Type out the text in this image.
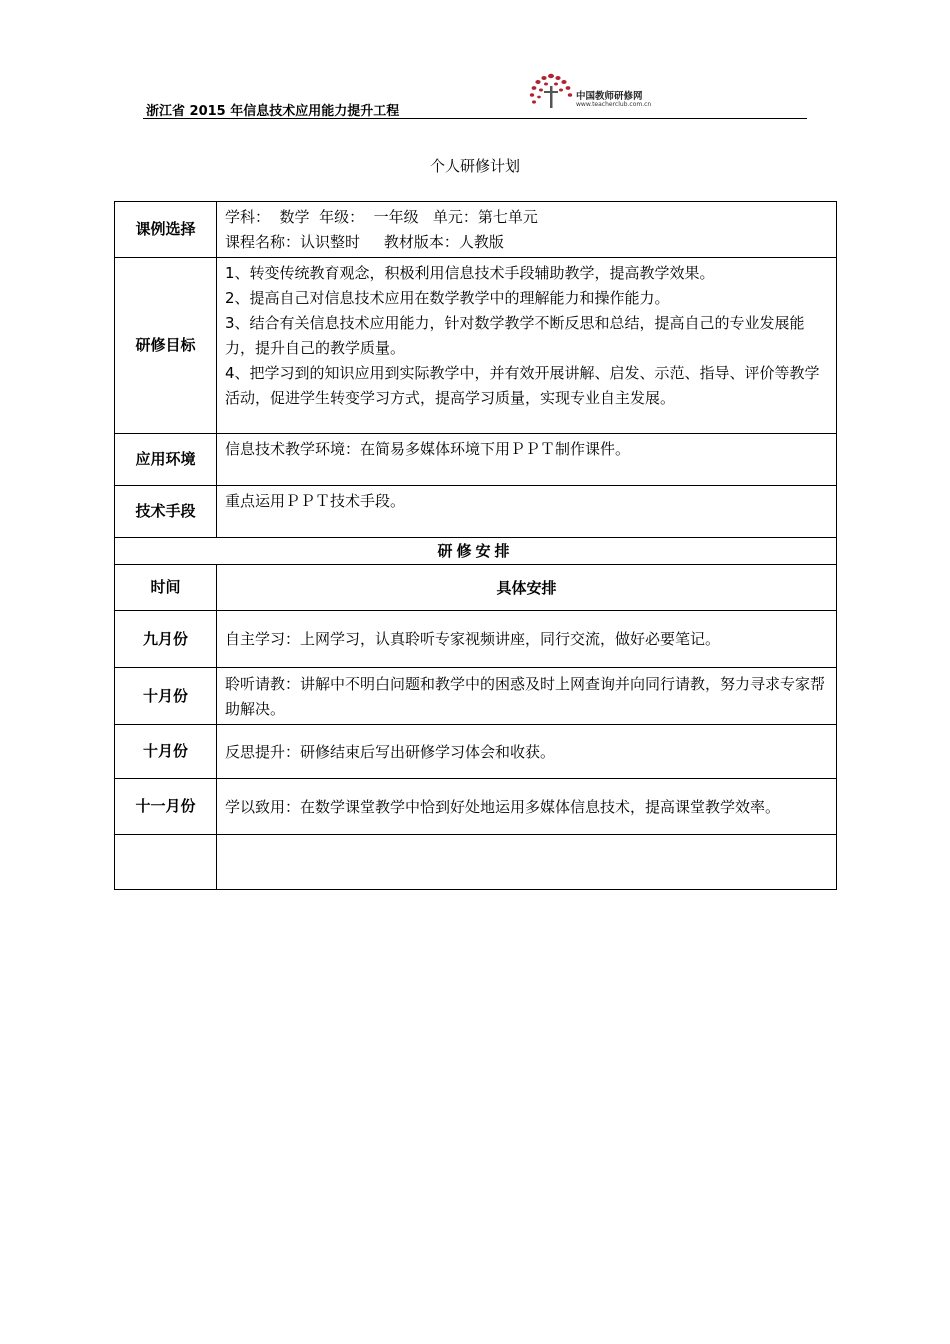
浙江省 2015 年信息技术应用能力提升工程
中国教师研修网
www.teacherclub.com.cn
个人研修计划
课例选择	学科：  数学  年级：  一年级   单元：第七单元
课程名称：认识整时     教材版本：人教版

研修目标	1、转变传统教育观念，积极利用信息技术手段辅助教学，提高教学效果。
2、提高自己对信息技术应用在数学教学中的理解能力和操作能力。
3、结合有关信息技术应用能力，针对数学教学不断反思和总结，提高自己的专业发展能力，提升自己的教学质量。
4、把学习到的知识应用到实际教学中，并有效开展讲解、启发、示范、指导、评价等教学活动，促进学生转变学习方式，提高学习质量，实现专业自主发展。

应用环境	信息技术教学环境：在简易多媒体环境下用ＰＰＴ制作课件。
技术手段	重点运用ＰＰＴ技术手段。
研修安排	
时间	具体安排
九月份	自主学习：上网学习，认真聆听专家视频讲座，同行交流，做好必要笔记。
十月份	聆听请教：讲解中不明白问题和教学中的困惑及时上网查询并向同行请教，努力寻求专家帮助解决。
十月份	反思提升：研修结束后写出研修学习体会和收获。
十一月份	学以致用：在数学课堂教学中恰到好处地运用多媒体信息技术，提高课堂教学效率。
